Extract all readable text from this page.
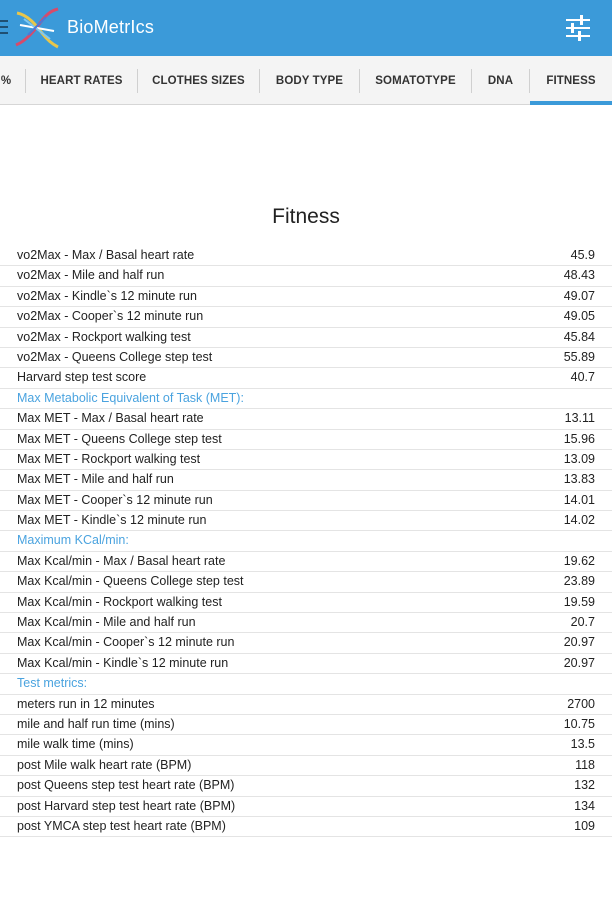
BioMetrIcs
%	HEART RATES	CLOTHES SIZES	BODY TYPE	SOMATOTYPE	DNA	FITNESS
Fitness
vo2Max - Max / Basal heart rate	45.9
vo2Max - Mile and half run	48.43
vo2Max - Kindle`s 12 minute run	49.07
vo2Max - Cooper`s 12 minute run	49.05
vo2Max - Rockport walking test	45.84
vo2Max - Queens College step test	55.89
Harvard step test score	40.7
Max Metabolic Equivalent of Task (MET):
Max MET - Max / Basal heart rate	13.11
Max MET - Queens College step test	15.96
Max MET - Rockport walking test	13.09
Max MET - Mile and half run	13.83
Max MET - Cooper`s 12 minute run	14.01
Max MET - Kindle`s 12 minute run	14.02
Maximum KCal/min:
Max Kcal/min - Max / Basal heart rate	19.62
Max Kcal/min - Queens College step test	23.89
Max Kcal/min - Rockport walking test	19.59
Max Kcal/min - Mile and half run	20.7
Max Kcal/min - Cooper`s 12 minute run	20.97
Max Kcal/min - Kindle`s 12 minute run	20.97
Test metrics:
meters run in 12 minutes	2700
mile and half run time (mins)	10.75
mile walk time (mins)	13.5
post Mile walk heart rate (BPM)	118
post Queens step test heart rate (BPM)	132
post Harvard step test heart rate (BPM)	134
post YMCA step test heart rate (BPM)	109
